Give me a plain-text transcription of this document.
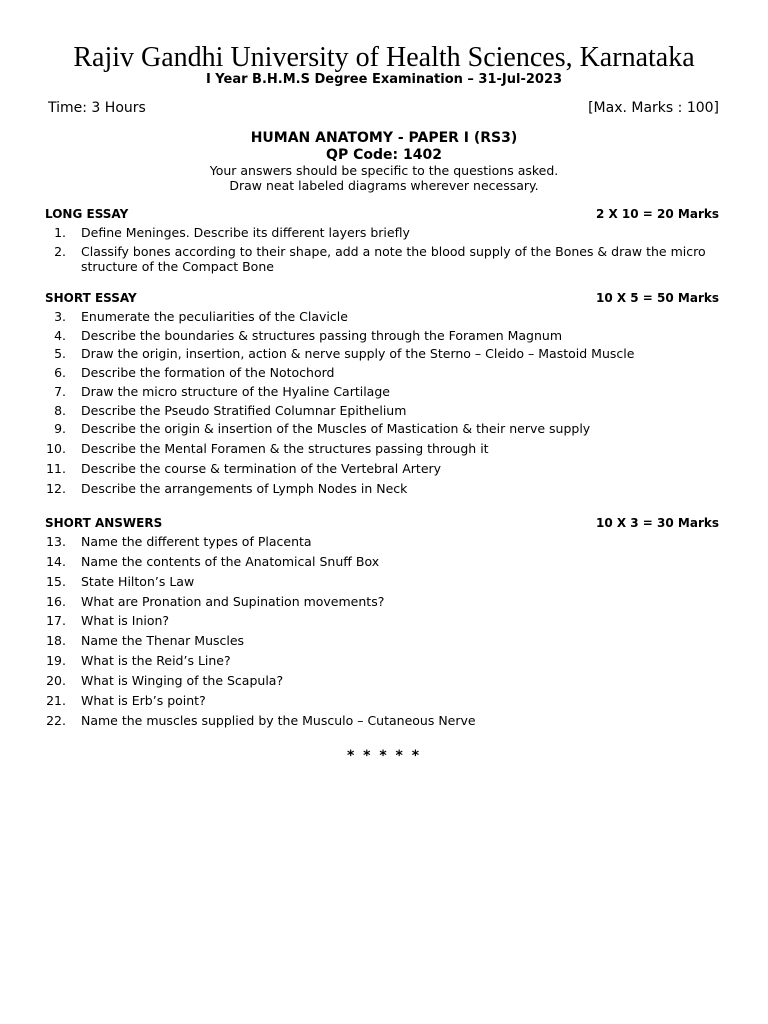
Rajiv Gandhi University of Health Sciences, Karnataka
I Year B.H.M.S Degree Examination – 31-Jul-2023
Time: 3 Hours	[Max. Marks : 100]
HUMAN ANATOMY - PAPER I (RS3)
QP Code: 1402
Your answers should be specific to the questions asked.
Draw neat labeled diagrams wherever necessary.
LONG ESSAY	2 X 10 = 20 Marks
1. Define Meninges. Describe its different layers briefly
2. Classify bones according to their shape, add a note the blood supply of the Bones & draw the micro structure of the Compact Bone
SHORT ESSAY	10 X 5 = 50 Marks
3. Enumerate the peculiarities of the Clavicle
4. Describe the boundaries & structures passing through the Foramen Magnum
5. Draw the origin, insertion, action & nerve supply of the Sterno – Cleido – Mastoid Muscle
6. Describe the formation of the Notochord
7. Draw the micro structure of the Hyaline Cartilage
8. Describe the Pseudo Stratified Columnar Epithelium
9. Describe the origin & insertion of the Muscles of Mastication & their nerve supply
10. Describe the Mental Foramen & the structures passing through it
11. Describe the course & termination of the Vertebral Artery
12. Describe the arrangements of Lymph Nodes in Neck
SHORT ANSWERS	10 X 3 = 30 Marks
13. Name the different types of Placenta
14. Name the contents of the Anatomical Snuff Box
15. State Hilton’s Law
16. What are Pronation and Supination movements?
17. What is Inion?
18. Name the Thenar Muscles
19. What is the Reid’s Line?
20. What is Winging of the Scapula?
21. What is Erb’s point?
22. Name the muscles supplied by the Musculo – Cutaneous Nerve
* * * * *
